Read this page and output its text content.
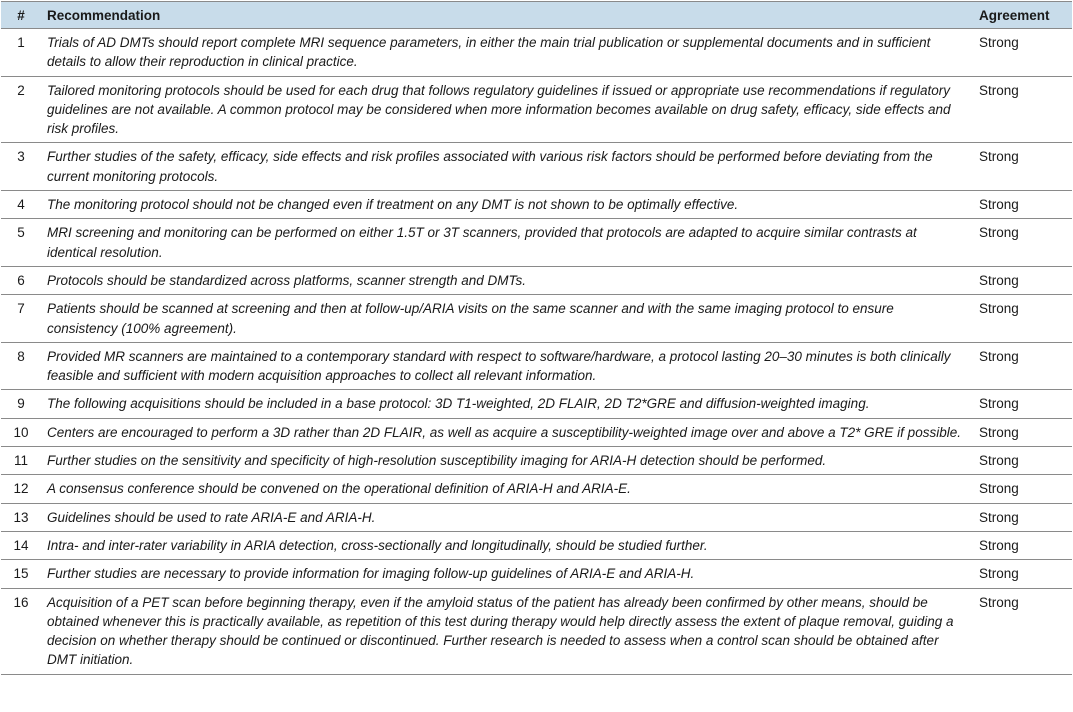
#	Recommendation	Agreement
1	Trials of AD DMTs should report complete MRI sequence parameters, in either the main trial publication or supplemental documents and in sufficient details to allow their reproduction in clinical practice.	Strong
2	Tailored monitoring protocols should be used for each drug that follows regulatory guidelines if issued or appropriate use recommendations if regulatory guidelines are not available. A common protocol may be considered when more information becomes available on drug safety, efficacy, side effects and risk profiles.	Strong
3	Further studies of the safety, efficacy, side effects and risk profiles associated with various risk factors should be performed before deviating from the current monitoring protocols.	Strong
4	The monitoring protocol should not be changed even if treatment on any DMT is not shown to be optimally effective.	Strong
5	MRI screening and monitoring can be performed on either 1.5T or 3T scanners, provided that protocols are adapted to acquire similar contrasts at identical resolution.	Strong
6	Protocols should be standardized across platforms, scanner strength and DMTs.	Strong
7	Patients should be scanned at screening and then at follow-up/ARIA visits on the same scanner and with the same imaging protocol to ensure consistency (100% agreement).	Strong
8	Provided MR scanners are maintained to a contemporary standard with respect to software/hardware, a protocol lasting 20–30 minutes is both clinically feasible and sufficient with modern acquisition approaches to collect all relevant information.	Strong
9	The following acquisitions should be included in a base protocol: 3D T1-weighted, 2D FLAIR, 2D T2*GRE and diffusion-weighted imaging.	Strong
10	Centers are encouraged to perform a 3D rather than 2D FLAIR, as well as acquire a susceptibility-weighted image over and above a T2* GRE if possible.	Strong
11	Further studies on the sensitivity and specificity of high-resolution susceptibility imaging for ARIA-H detection should be performed.	Strong
12	A consensus conference should be convened on the operational definition of ARIA-H and ARIA-E.	Strong
13	Guidelines should be used to rate ARIA-E and ARIA-H.	Strong
14	Intra- and inter-rater variability in ARIA detection, cross-sectionally and longitudinally, should be studied further.	Strong
15	Further studies are necessary to provide information for imaging follow-up guidelines of ARIA-E and ARIA-H.	Strong
16	Acquisition of a PET scan before beginning therapy, even if the amyloid status of the patient has already been confirmed by other means, should be obtained whenever this is practically available, as repetition of this test during therapy would help directly assess the extent of plaque removal, guiding a decision on whether therapy should be continued or discontinued. Further research is needed to assess when a control scan should be obtained after DMT initiation.	Strong
